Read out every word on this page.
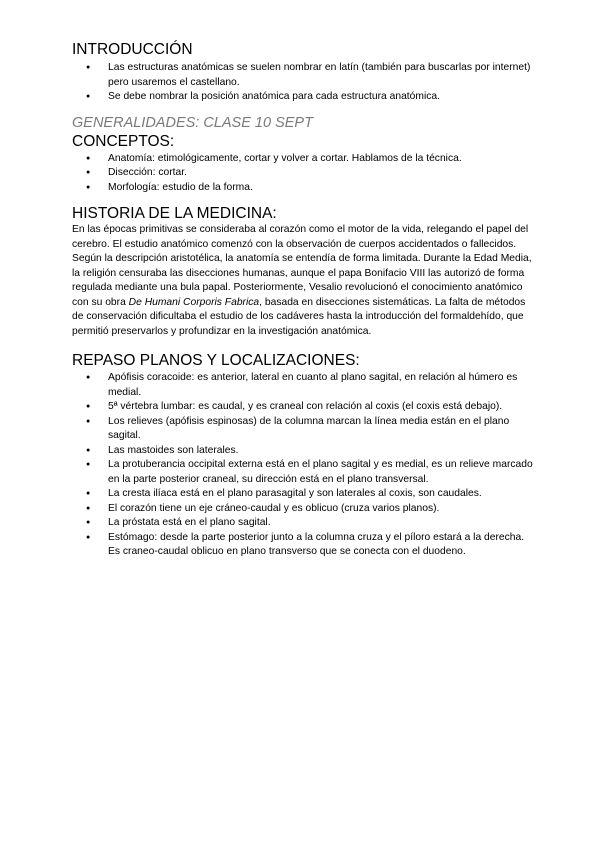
INTRODUCCIÓN
● Las estructuras anatómicas se suelen nombrar en latín (también para buscarlas por internet) pero usaremos el castellano.
● Se debe nombrar la posición anatómica para cada estructura anatómica.
GENERALIDADES: CLASE 10 SEPT
CONCEPTOS:
● Anatomía: etimológicamente, cortar y volver a cortar. Hablamos de la técnica.
● Disección: cortar.
● Morfología: estudio de la forma.
HISTORIA DE LA MEDICINA:

En las épocas primitivas se consideraba al corazón como el motor de la vida, relegando el papel del cerebro. El estudio anatómico comenzó con la observación de cuerpos accidentados o fallecidos.

Según la descripción aristotélica, la anatomía se entendía de forma limitada. Durante la Edad Media, la religión censuraba las disecciones humanas, aunque el papa Bonifacio VIII las autorizó de forma regulada mediante una bula papal. Posteriormente, Vesalio revolucionó el conocimiento anatómico con su obra De Humani Corporis Fabrica, basada en disecciones sistemáticas. La falta de métodos de conservación dificultaba el estudio de los cadáveres hasta la introducción del formaldehído, que permitió preservarlos y profundizar en la investigación anatómica.

REPASO PLANOS Y LOCALIZACIONES:
● Apófisis coracoide: es anterior, lateral en cuanto al plano sagital, en relación al húmero es medial.
● 5ª vértebra lumbar: es caudal, y es craneal con relación al coxis (el coxis está debajo).
● Los relieves (apófisis espinosas) de la columna marcan la línea media están en el plano sagital.
● Las mastoides son laterales.
● La protuberancia occipital externa está en el plano sagital y es medial, es un relieve marcado en la parte posterior craneal, su dirección está en el plano transversal.
● La cresta ilíaca está en el plano parasagital y son laterales al coxis, son caudales.
● El corazón tiene un eje cráneo-caudal y es oblicuo (cruza varios planos).
● La próstata está en el plano sagital.
● Estómago: desde la parte posterior junto a la columna cruza y el píloro estará a la derecha. Es craneo-caudal oblicuo en plano transverso que se conecta con el duodeno.
